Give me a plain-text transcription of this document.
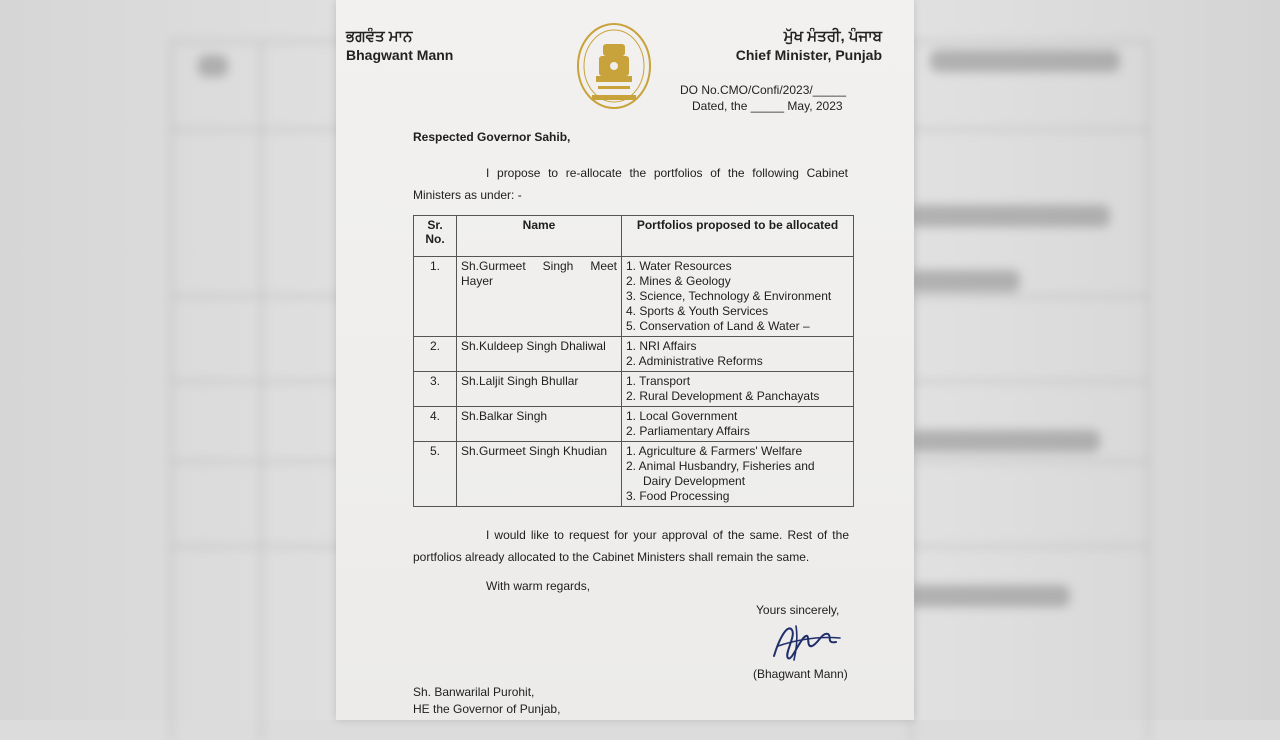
ਭਗਵੰਤ ਮਾਨ
Bhagwant Mann
ਮੁੱਖ ਮੰਤਰੀ, ਪੰਜਾਬ
Chief Minister, Punjab
DO No.CMO/Confi/2023/_____
Dated, the _____ May, 2023
Respected Governor Sahib,
I propose to re-allocate the portfolios of the following Cabinet Ministers as under: -
Sr. No.	Name	Portfolios proposed to be allocated
1.	Sh.Gurmeet Singh Meet Hayer	1. Water Resources
2. Mines & Geology
3. Science, Technology & Environment
4. Sports & Youth Services
5. Conservation of Land & Water –

2.	Sh.Kuldeep Singh Dhaliwal	1. NRI Affairs
2. Administrative Reforms

3.	Sh.Laljit Singh Bhullar	1. Transport
2. Rural Development & Panchayats

4.	Sh.Balkar Singh	1. Local Government
2. Parliamentary Affairs

5.	Sh.Gurmeet Singh Khudian	1. Agriculture & Farmers' Welfare
2. Animal Husbandry, Fisheries and
Dairy Development
3. Food Processing
I would like to request for your approval of the same. Rest of the portfolios already allocated to the Cabinet Ministers shall remain the same.
With warm regards,
Yours sincerely,
(Bhagwant Mann)
Sh. Banwarilal Purohit,
HE the Governor of Punjab,
